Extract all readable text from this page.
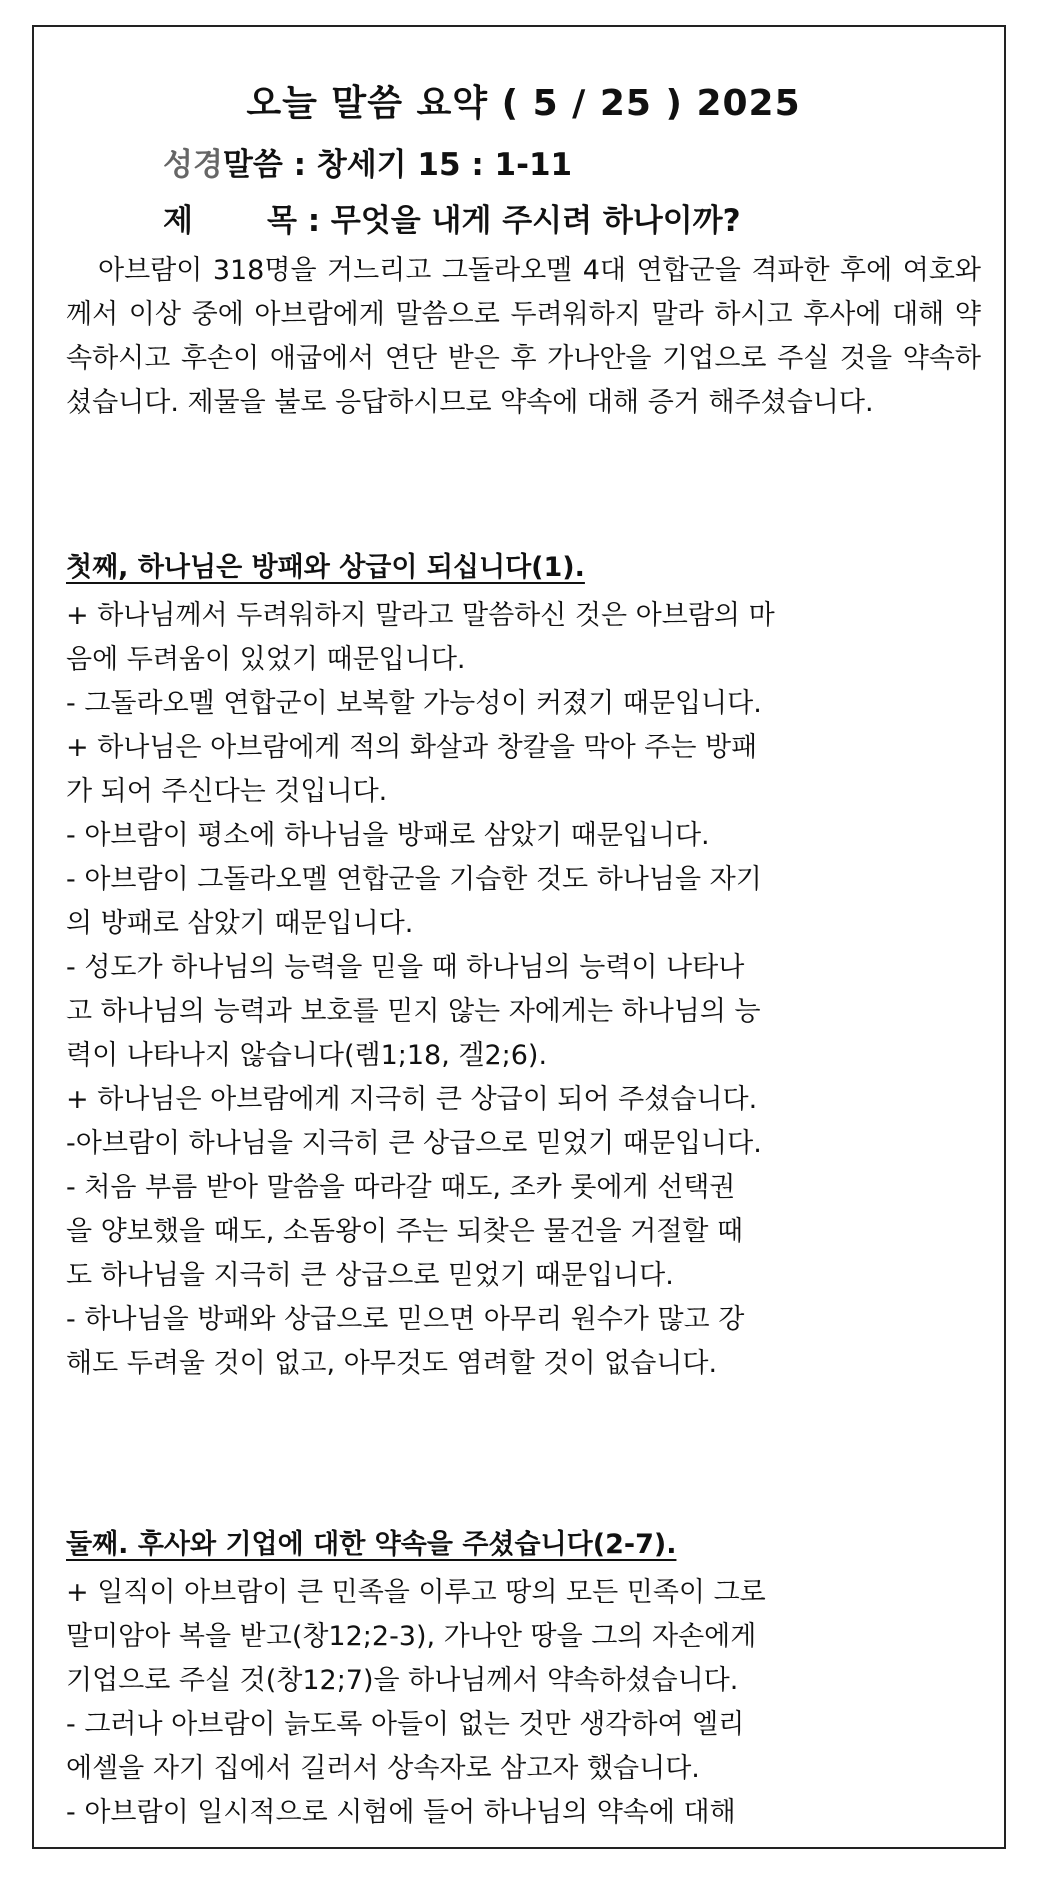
오늘 말씀 요약 ( 5 / 25 ) 2025
성경말씀 : 창세기 15 : 1-11
제 목 : 무엇을 내게 주시려 하나이까?
아브람이 318명을 거느리고 그돌라오멜 4대 연합군을 격파한 후에 여호와께서 이상 중에 아브람에게 말씀으로 두려워하지 말라 하시고 후사에 대해 약속하시고 후손이 애굽에서 연단 받은 후 가나안을 기업으로 주실 것을 약속하셨습니다. 제물을 불로 응답하시므로 약속에 대해 증거 해주셨습니다.
첫째, 하나님은 방패와 상급이 되십니다(1).
+ 하나님께서 두려워하지 말라고 말씀하신 것은 아브람의 마
음에 두려움이 있었기 때문입니다.
- 그돌라오멜 연합군이 보복할 가능성이 커졌기 때문입니다.
+ 하나님은 아브람에게 적의 화살과 창칼을 막아 주는 방패
가 되어 주신다는 것입니다.
- 아브람이 평소에 하나님을 방패로 삼았기 때문입니다.
- 아브람이 그돌라오멜 연합군을 기습한 것도 하나님을 자기
의 방패로 삼았기 때문입니다.
- 성도가 하나님의 능력을 믿을 때 하나님의 능력이 나타나
고 하나님의 능력과 보호를 믿지 않는 자에게는 하나님의 능
력이 나타나지 않습니다(렘1;18, 겔2;6).
+ 하나님은 아브람에게 지극히 큰 상급이 되어 주셨습니다.
-아브람이 하나님을 지극히 큰 상급으로 믿었기 때문입니다.
- 처음 부름 받아 말씀을 따라갈 때도, 조카 롯에게 선택권
을 양보했을 때도, 소돔왕이 주는 되찾은 물건을 거절할 때
도 하나님을 지극히 큰 상급으로 믿었기 때문입니다.
- 하나님을 방패와 상급으로 믿으면 아무리 원수가 많고 강
해도 두려울 것이 없고, 아무것도 염려할 것이 없습니다.
둘째. 후사와 기업에 대한 약속을 주셨습니다(2-7).
+ 일직이 아브람이 큰 민족을 이루고 땅의 모든 민족이 그로
말미암아 복을 받고(창12;2-3), 가나안 땅을 그의 자손에게
기업으로 주실 것(창12;7)을 하나님께서 약속하셨습니다.
- 그러나 아브람이 늙도록 아들이 없는 것만 생각하여 엘리
에셀을 자기 집에서 길러서 상속자로 삼고자 했습니다.
- 아브람이 일시적으로 시험에 들어 하나님의 약속에 대해
